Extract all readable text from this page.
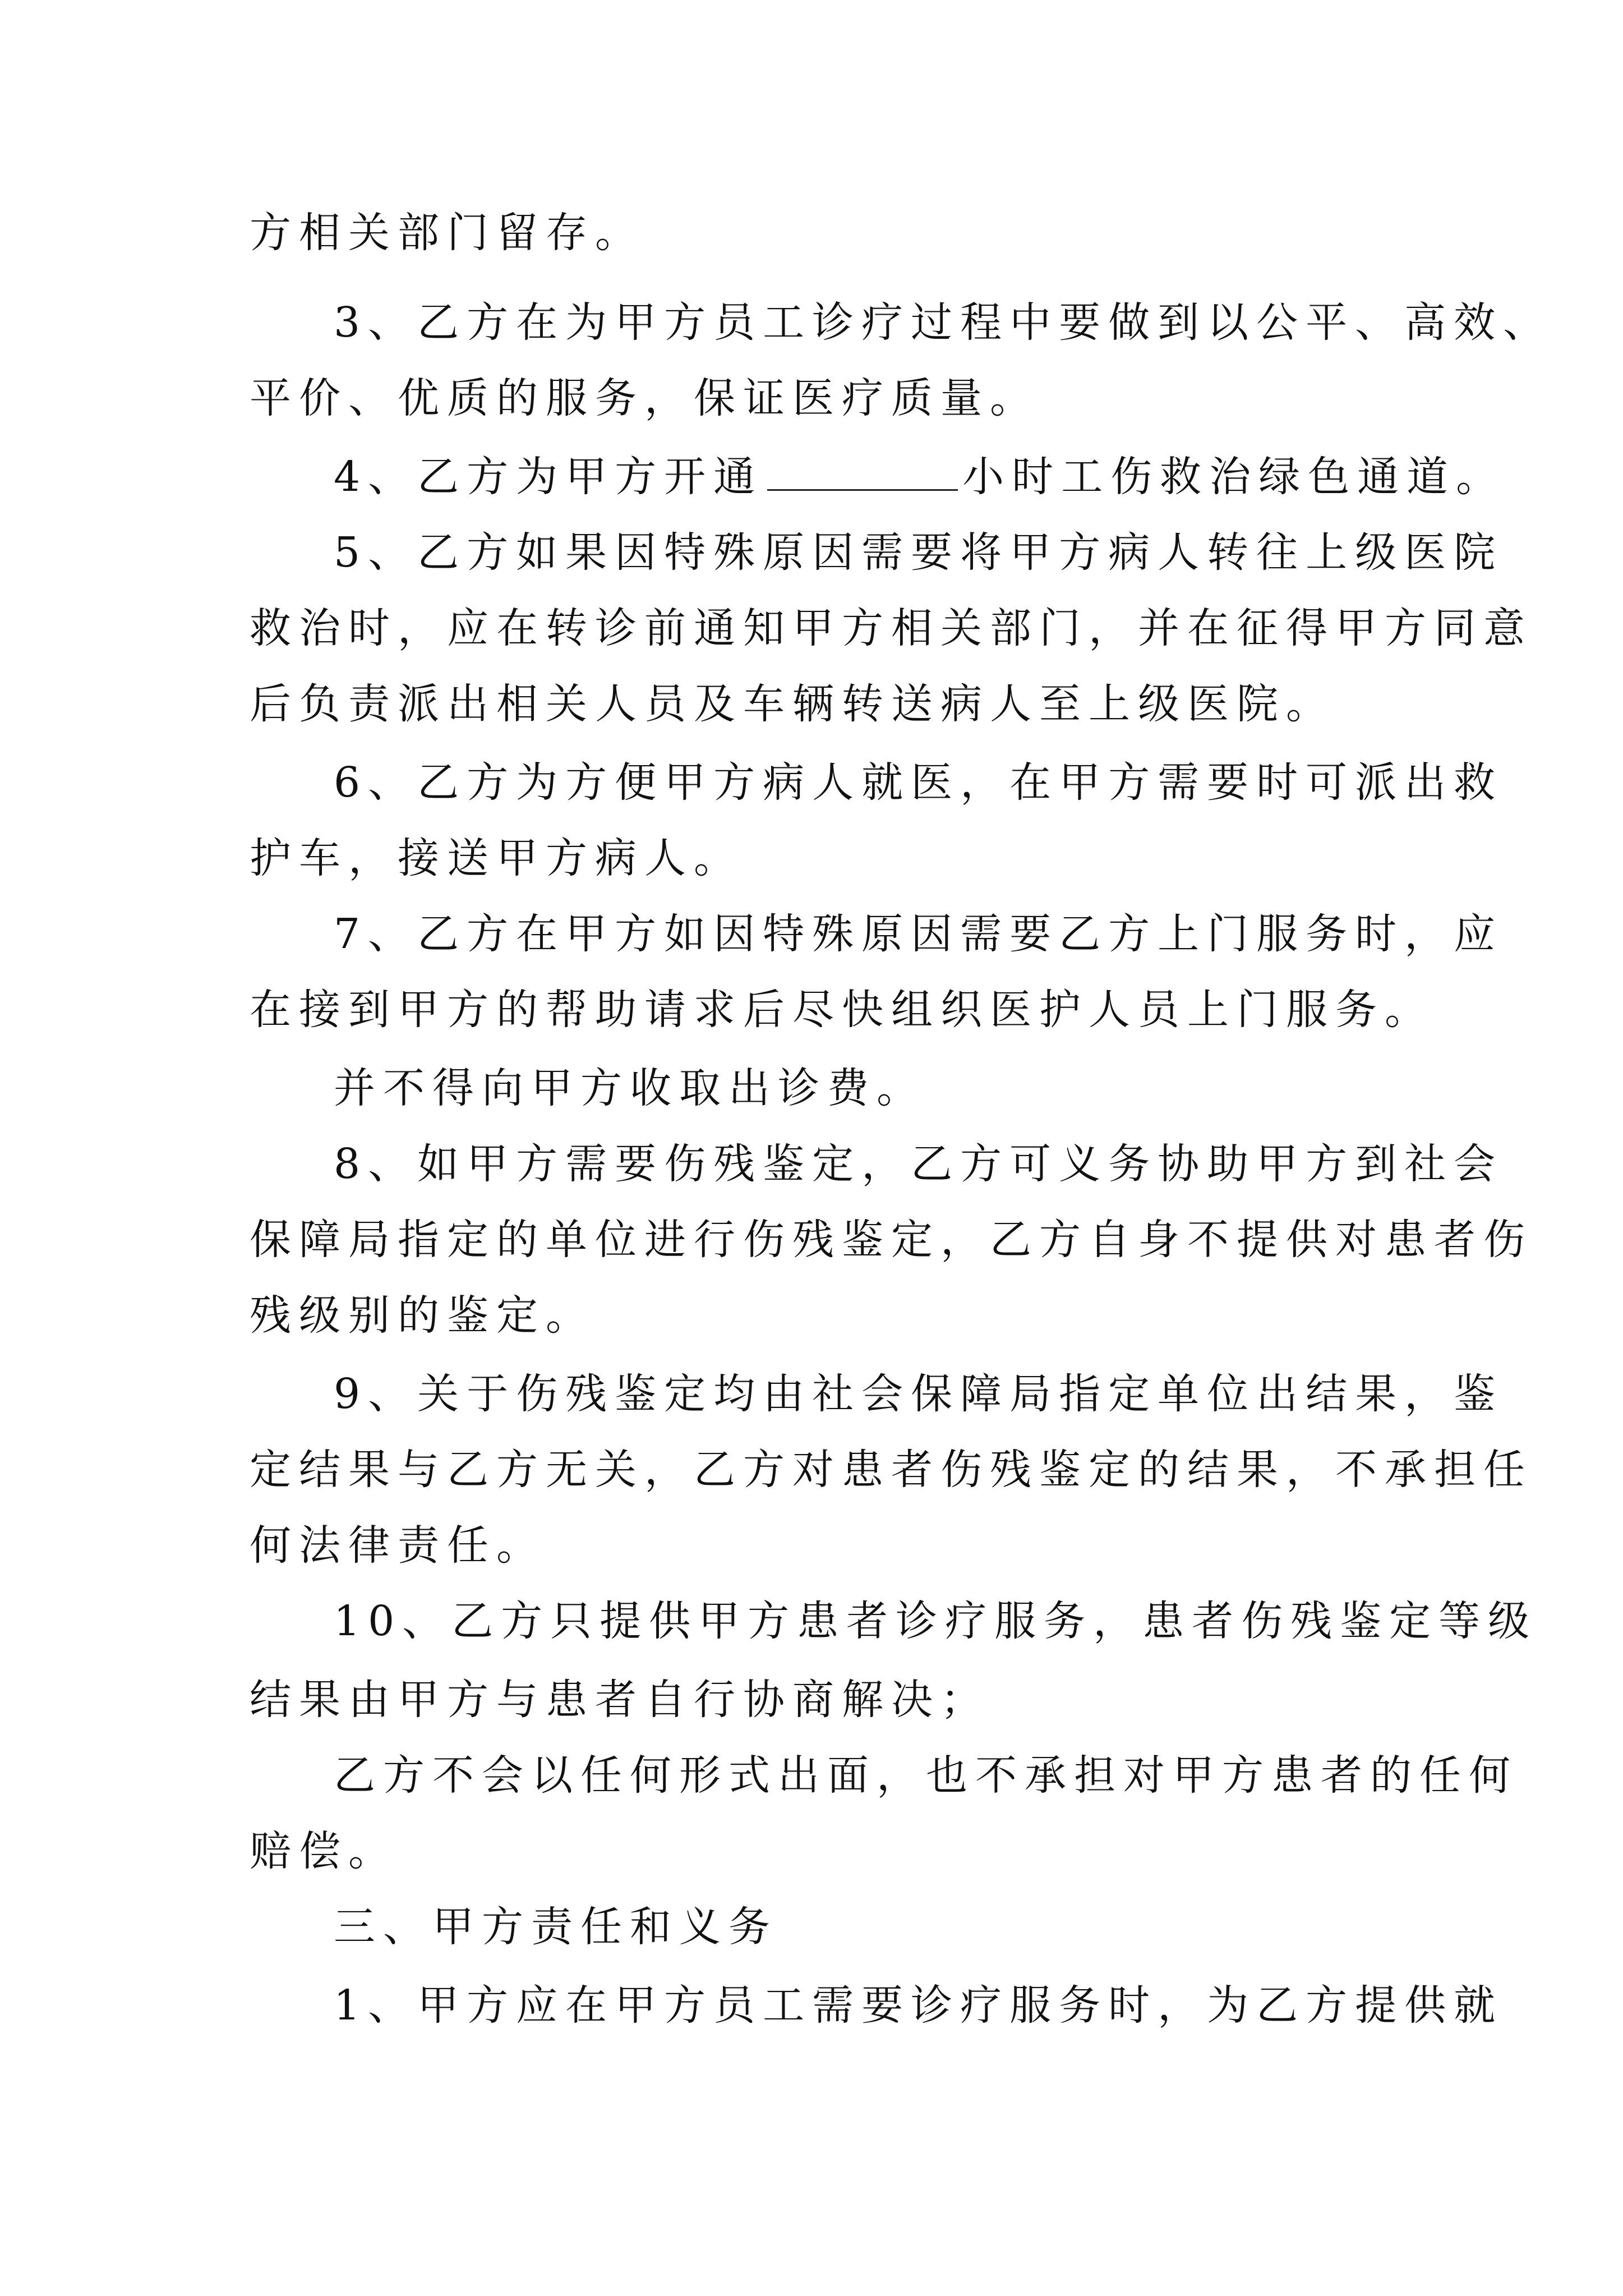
方相关部门留存。
3、乙方在为甲方员工诊疗过程中要做到以公平、高效、
平价、优质的服务，保证医疗质量。
4、乙方为甲方开通	小时工伤救治绿色通道。
5、乙方如果因特殊原因需要将甲方病人转往上级医院
救治时，应在转诊前通知甲方相关部门，并在征得甲方同意
后负责派出相关人员及车辆转送病人至上级医院。
6、乙方为方便甲方病人就医，在甲方需要时可派出救
护车，接送甲方病人。
7、乙方在甲方如因特殊原因需要乙方上门服务时，应
在接到甲方的帮助请求后尽快组织医护人员上门服务。
并不得向甲方收取出诊费。
8、如甲方需要伤残鉴定，乙方可义务协助甲方到社会
保障局指定的单位进行伤残鉴定，乙方自身不提供对患者伤
残级别的鉴定。
9、关于伤残鉴定均由社会保障局指定单位出结果，鉴
定结果与乙方无关，乙方对患者伤残鉴定的结果，不承担任
何法律责任。
10、乙方只提供甲方患者诊疗服务，患者伤残鉴定等级
结果由甲方与患者自行协商解决；
乙方不会以任何形式出面，也不承担对甲方患者的任何
赔偿。
三、甲方责任和义务
1、甲方应在甲方员工需要诊疗服务时，为乙方提供就
